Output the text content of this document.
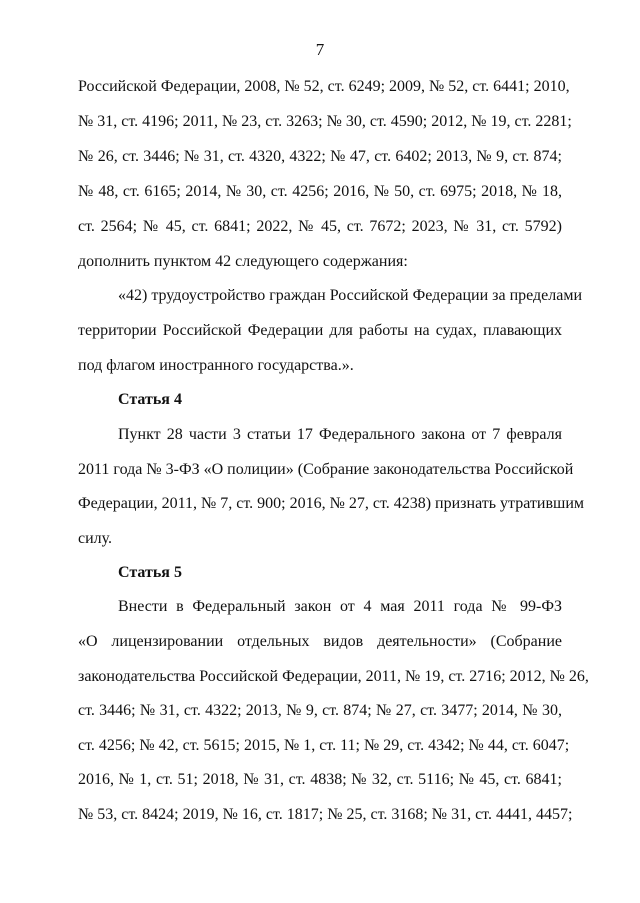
7
Российской Федерации, 2008, № 52, ст. 6249; 2009, № 52, ст. 6441; 2010,
№ 31, ст. 4196; 2011, № 23, ст. 3263; № 30, ст. 4590; 2012, № 19, ст. 2281;
№ 26, ст. 3446; № 31, ст. 4320, 4322; № 47, ст. 6402; 2013, № 9, ст. 874;
№ 48, ст. 6165; 2014, № 30, ст. 4256; 2016, № 50, ст. 6975; 2018, № 18,
ст. 2564; № 45, ст. 6841; 2022, № 45, ст. 7672; 2023, № 31, ст. 5792)
дополнить пунктом 42 следующего содержания:
«42) трудоустройство граждан Российской Федерации за пределами
территории Российской Федерации для работы на судах, плавающих
под флагом иностранного государства.».
Статья 4
Пункт 28 части 3 статьи 17 Федерального закона от 7 февраля
2011 года № 3-ФЗ «О полиции» (Собрание законодательства Российской
Федерации, 2011, № 7, ст. 900; 2016, № 27, ст. 4238) признать утратившим
силу.
Статья 5
Внести в Федеральный закон от 4 мая 2011 года № 99-ФЗ
«О лицензировании отдельных видов деятельности» (Собрание
законодательства Российской Федерации, 2011, № 19, ст. 2716; 2012, № 26,
ст. 3446; № 31, ст. 4322; 2013, № 9, ст. 874; № 27, ст. 3477; 2014, № 30,
ст. 4256; № 42, ст. 5615; 2015, № 1, ст. 11; № 29, ст. 4342; № 44, ст. 6047;
2016, № 1, ст. 51; 2018, № 31, ст. 4838; № 32, ст. 5116; № 45, ст. 6841;
№ 53, ст. 8424; 2019, № 16, ст. 1817; № 25, ст. 3168; № 31, ст. 4441, 4457;
